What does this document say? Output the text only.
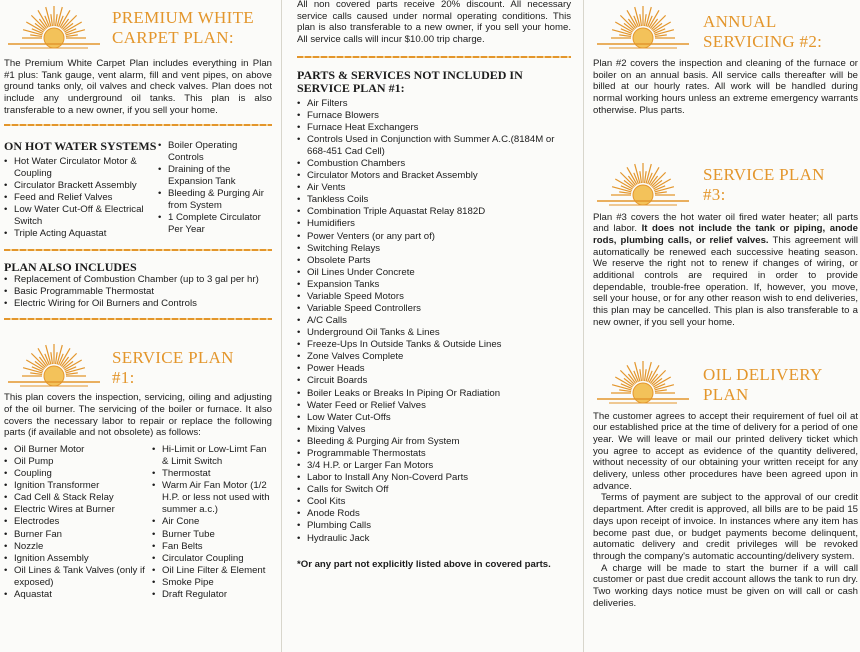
PREMIUM WHITE
CARPET PLAN:

The Premium White Carpet Plan includes everything in Plan #1 plus: Tank gauge, vent alarm, fill and vent pipes, on above ground tanks only, oil valves and check valves. Plan does not include any underground oil tanks. This plan is also transferable to a new owner, if you sell your home.

ON HOT WATER SYSTEMS
• Hot Water Circulator Motor & Coupling
• Circulator Brackett Assembly
• Feed and Relief Valves
• Low Water Cut-Off & Electrical Switch
• Triple Acting Aquastat
• Boiler Operating Controls
• Draining of the Expansion Tank
• Bleeding & Purging Air from System
• 1 Complete Circulator Per Year
PLAN ALSO INCLUDES
• Replacement of Combustion Chamber (up to 3 gal per hr)
• Basic Programmable Thermostat
• Electric Wiring for Oil Burners and Controls
SERVICE PLAN
#1:

This plan covers the inspection, servicing, oiling and adjusting of the oil burner. The servicing of the boiler or furnace. It also covers the necessary labor to repair or replace the following parts (if available and not obsolete) as follows:

• Oil Burner Motor
• Oil Pump
• Coupling
• Ignition Transformer
• Cad Cell & Stack Relay
• Electric Wires at Burner
• Electrodes
• Burner Fan
• Nozzle
• Ignition Assembly
• Oil Lines & Tank Valves (only if exposed)
• Aquastat
• Hi-Limit or Low-Limt Fan & Limit Switch
• Thermostat
• Warm Air Fan Motor (1/2 H.P. or less not used with summer a.c.)
• Air Cone
• Burner Tube
• Fan Belts
• Circulator Coupling
• Oil Line Filter & Element
• Smoke Pipe
• Draft Regulator

All non covered parts receive 20% discount. All necessary service calls caused under normal operating conditions. This plan is also transferable to a new owner, if you sell your home. All service calls will incur $10.00 trip charge.

PARTS & SERVICES NOT INCLUDED IN
SERVICE PLAN #1:
• Air Filters
• Furnace Blowers
• Furnace Heat Exchangers
• Controls Used in Conjunction with Summer A.C.(8184M or 668-451 Cad Cell)
• Combustion Chambers
• Circulator Motors and Bracket Assembly
• Air Vents
• Tankless Coils
• Combination Triple Aquastat Relay 8182D
• Humidifiers
• Power Venters (or any part of)
• Switching Relays
• Obsolete Parts
• Oil Lines Under Concrete
• Expansion Tanks
• Variable Speed Motors
• Variable Speed Controllers
• A/C Calls
• Underground Oil Tanks & Lines
• Freeze-Ups In Outside Tanks & Outside Lines
• Zone Valves Complete
• Power Heads
• Circuit Boards
• Boiler Leaks or Breaks In Piping Or Radiation
• Water Feed or Relief Valves
• Low Water Cut-Offs
• Mixing Valves
• Bleeding & Purging Air from System
• Programmable Thermostats
• 3/4 H.P. or Larger Fan Motors
• Labor to Install Any Non-Coverd Parts
• Calls for Switch Off
• Cool Kits
• Anode Rods
• Plumbing Calls
• Hydraulic Jack

*Or any part not explicitly listed above in covered parts.

ANNUAL
SERVICING #2:

Plan #2 covers the inspection and cleaning of the furnace or boiler on an annual basis. All service calls thereafter will be billed at our hourly rates. All work will be handled during normal working hours unless an extreme emergency warrants otherwise. Plus parts.

SERVICE PLAN
#3:

Plan #3 covers the hot water oil fired water heater; all parts and labor. It does not include the tank or piping, anode rods, plumbing calls, or relief valves. This agreement will automatically be renewed each successive heating season. We reserve the right not to renew if changes of wiring, or additional controls are required in order to provide dependable, trouble-free operation. If, however, you move, sell your house, or for any other reason wish to end deliveries, this plan may be cancelled. This plan is also transferable to a new owner, if you sell your home.

OIL DELIVERY
PLAN

The customer agrees to accept their requirement of fuel oil at our established price at the time of delivery for a period of one year. We will leave or mail our printed delivery ticket which you agree to accept as evidence of the quantity delivered, without necessity of our obtaining your written receipt for any delivery, unless other procedures have been agreed upon in advance.

Terms of payment are subject to the approval of our credit department. After credit is approved, all bills are to be paid 15 days upon receipt of invoice. In instances where any item has become past due, or budget payments become delinquent, automatic delivery and credit privileges will be revoked through the company's automatic accounting/delivery system.

A charge will be made to start the burner if a will call customer or past due credit account allows the tank to run dry. Two working days notice must be given on will call or cash deliveries.
